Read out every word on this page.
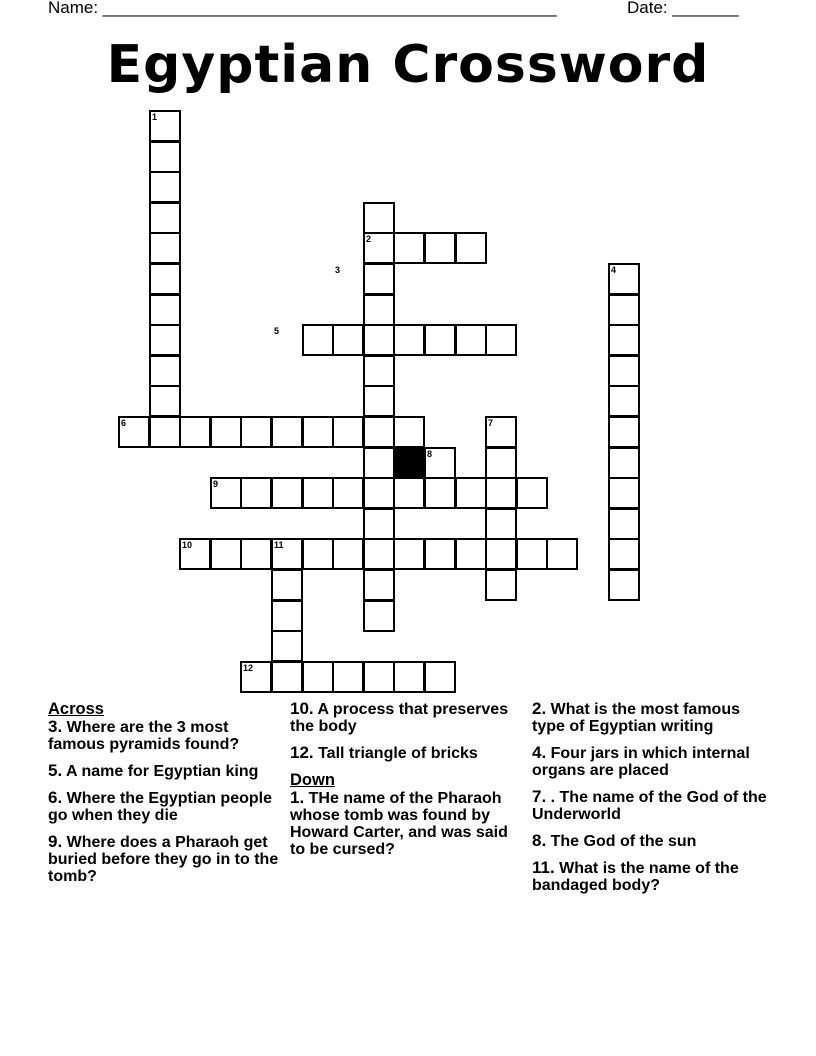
Name: ________________________________________________	Date: _______
Egyptian Crossword
1
2
3	4
5
6	7
8
9
10	11
12
Across
3. Where are the 3 most famous pyramids found?
5. A name for Egyptian king
6. Where the Egyptian people go when they die
9. Where does a Pharaoh get buried before they go in to the tomb?
10. A process that preserves the body
12. Tall triangle of bricks
Down
1. THe name of the Pharaoh whose tomb was found by Howard Carter, and was said to be cursed?
2. What is the most famous type of Egyptian writing
4. Four jars in which internal organs are placed
7. . The name of the God of the Underworld
8. The God of the sun
11. What is the name of the bandaged body?
